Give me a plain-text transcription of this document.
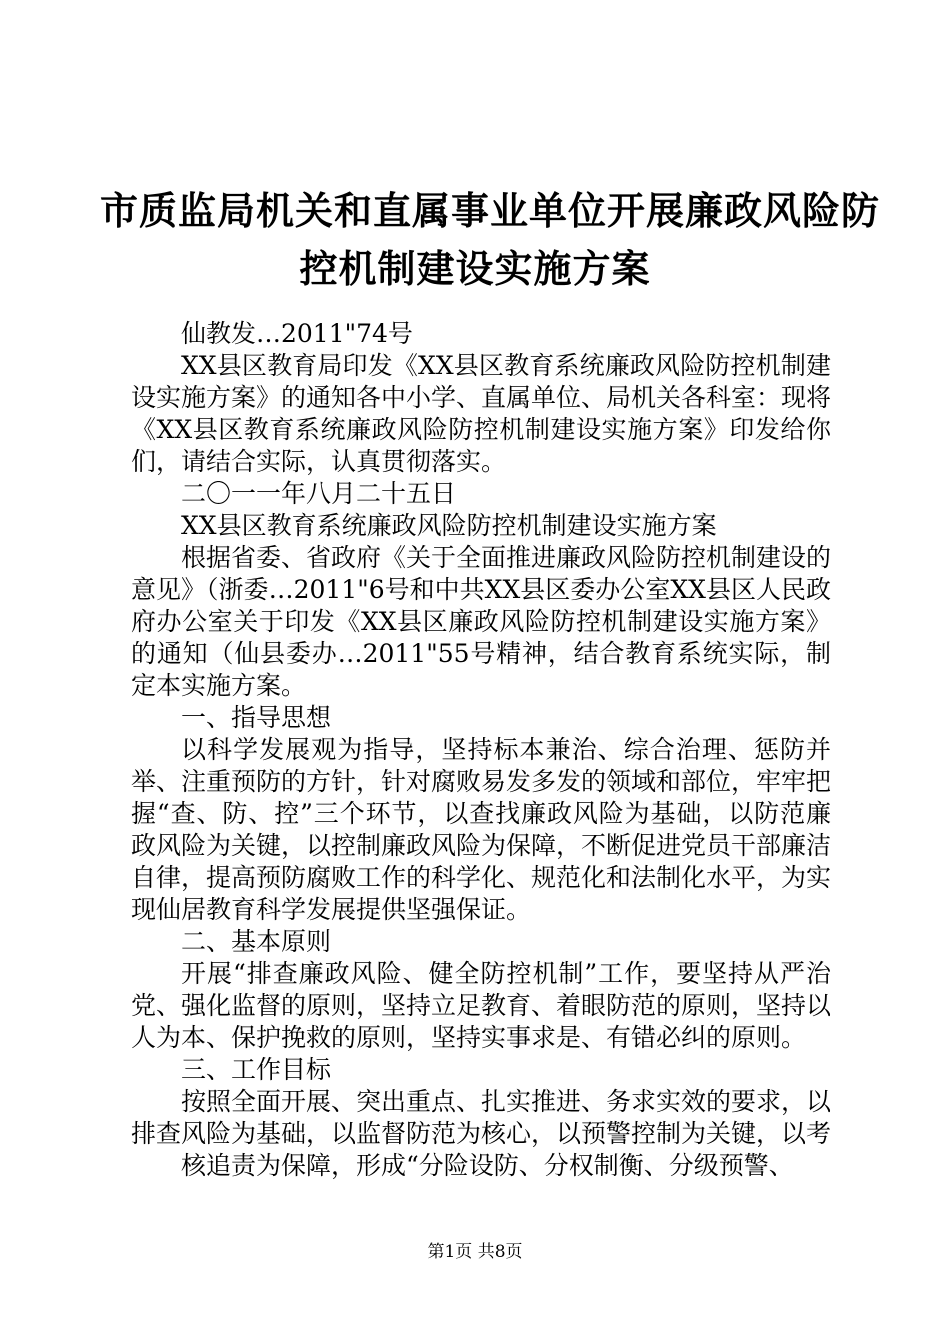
市质监局机关和直属事业单位开展廉政风险防
控机制建设实施方案

仙教发…2011"74号

XX县区教育局印发《XX县区教育系统廉政风险防控机制建设实施方案》的通知各中小学、直属单位、局机关各科室：现将《XX县区教育系统廉政风险防控机制建设实施方案》印发给你们，请结合实际，认真贯彻落实。

二〇一一年八月二十五日

XX县区教育系统廉政风险防控机制建设实施方案

根据省委、省政府《关于全面推进廉政风险防控机制建设的意见》（浙委…2011"6号和中共XX县区委办公室XX县区人民政府办公室关于印发《XX县区廉政风险防控机制建设实施方案》的通知（仙县委办…2011"55号精神，结合教育系统实际，制定本实施方案。

一、指导思想

以科学发展观为指导，坚持标本兼治、综合治理、惩防并举、注重预防的方针，针对腐败易发多发的领域和部位，牢牢把握“查、防、控”三个环节，以查找廉政风险为基础，以防范廉政风险为关键，以控制廉政风险为保障，不断促进党员干部廉洁自律，提高预防腐败工作的科学化、规范化和法制化水平，为实现仙居教育科学发展提供坚强保证。

二、基本原则

开展“排查廉政风险、健全防控机制”工作，要坚持从严治党、强化监督的原则，坚持立足教育、着眼防范的原则，坚持以人为本、保护挽救的原则，坚持实事求是、有错必纠的原则。

三、工作目标

按照全面开展、突出重点、扎实推进、务求实效的要求，以排查风险为基础，以监督防范为核心，以预警控制为关键，以考

核追责为保障，形成“分险设防、分权制衡、分级预警、

第1页 共8页
